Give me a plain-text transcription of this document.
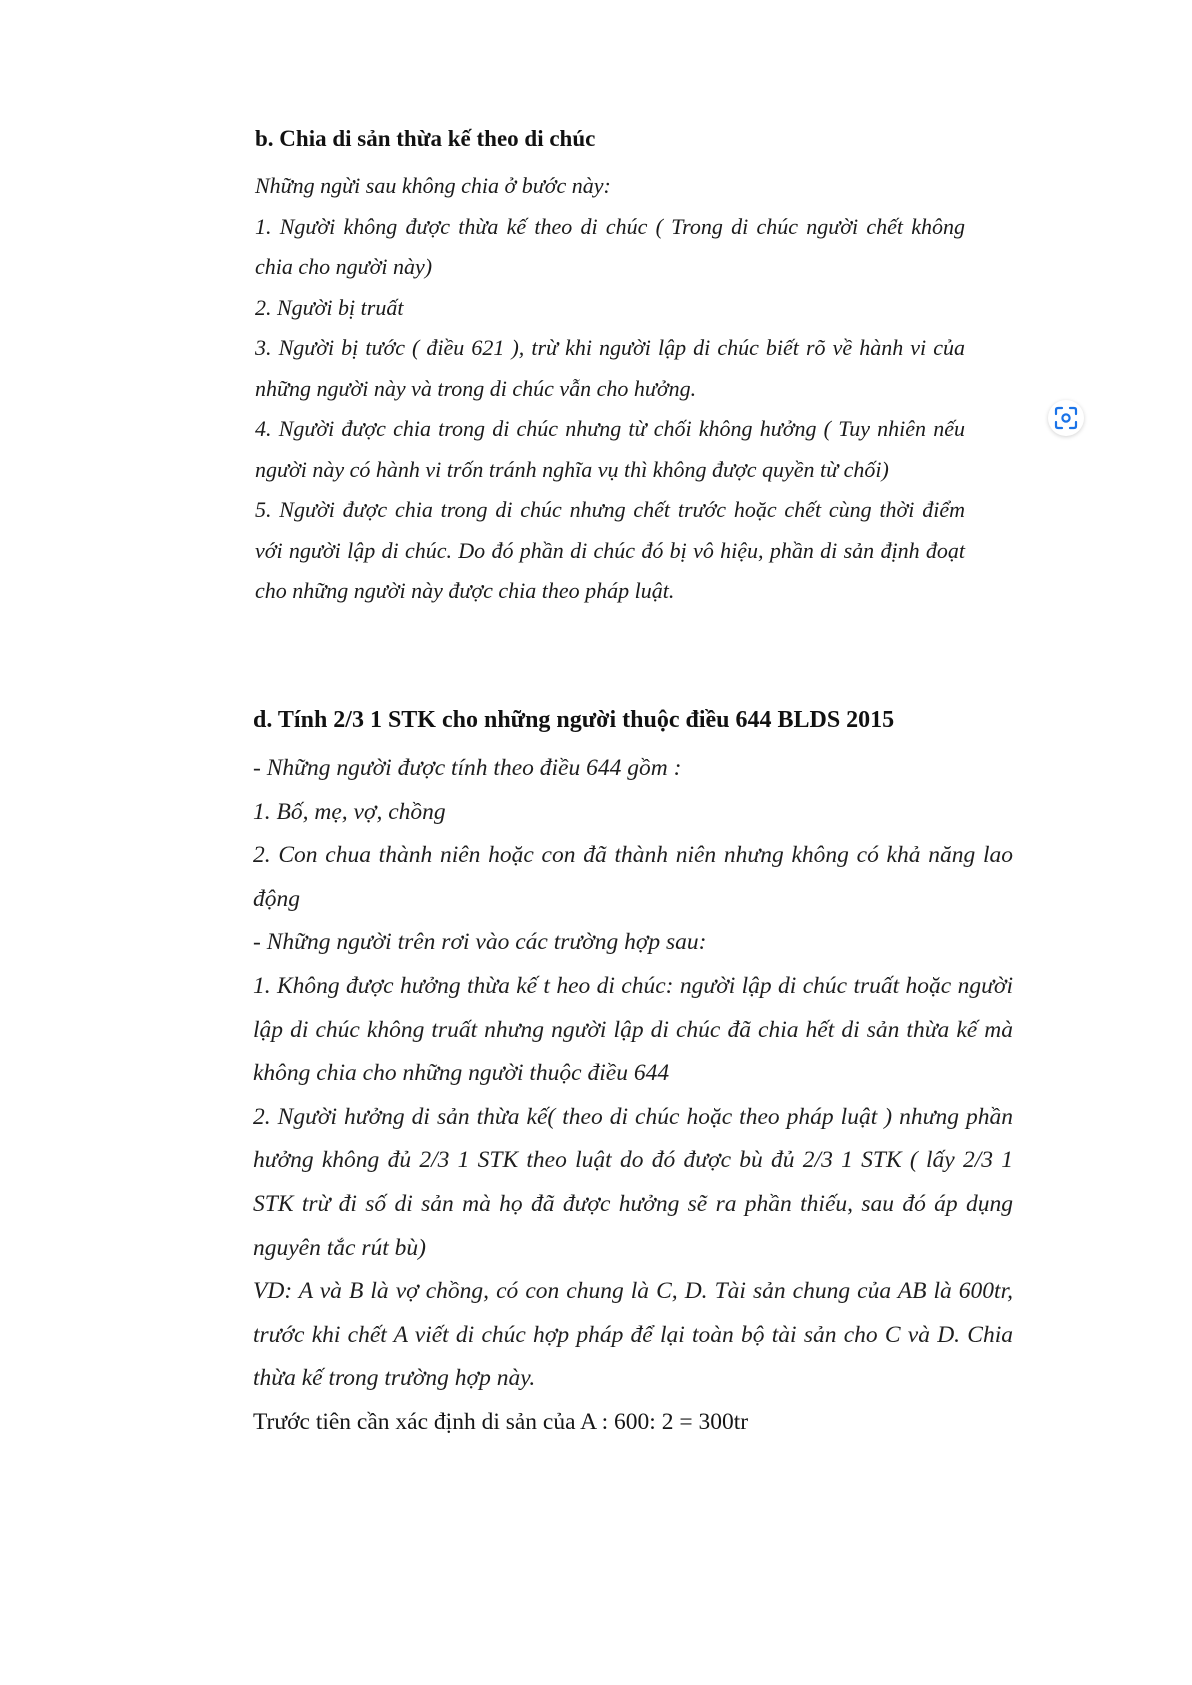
b. Chia di sản thừa kế theo di chúc

Những ngừi sau không chia ở bước này:

1. Người không được thừa kế theo di chúc ( Trong di chúc người chết không chia cho người này)

2. Người bị truất

3. Người bị tước ( điều 621 ), trừ khi người lập di chúc biết rõ về hành vi của những người này và trong di chúc vẫn cho hưởng.

4. Người được chia trong di chúc nhưng từ chối không hưởng ( Tuy nhiên nếu người này có hành vi trốn tránh nghĩa vụ thì không được quyền từ chối)

5. Người được chia trong di chúc nhưng chết trước hoặc chết cùng thời điểm với người lập di chúc. Do đó phần di chúc đó bị vô hiệu, phần di sản định đoạt cho những người này được chia theo pháp luật.

d. Tính 2/3 1 STK cho những người thuộc điều 644 BLDS 2015

- Những người được tính theo điều 644 gồm :

1. Bố, mẹ, vợ, chồng

2. Con chua thành niên hoặc con đã thành niên nhưng không có khả năng lao động

- Những người trên rơi vào các trường hợp sau:

1. Không được hưởng thừa kế t heo di chúc: người lập di chúc truất hoặc người lập di chúc không truất nhưng người lập di chúc đã chia hết di sản thừa kế mà không chia cho những người thuộc điều 644

2. Người hưởng di sản thừa kế( theo di chúc hoặc theo pháp luật ) nhưng phần hưởng không đủ 2/3 1 STK theo luật do đó được bù đủ 2/3 1 STK ( lấy 2/3 1 STK trừ đi số di sản mà họ đã được hưởng sẽ ra phần thiếu, sau đó áp dụng nguyên tắc rút bù)

VD: A và B là vợ chồng, có con chung là C, D. Tài sản chung của AB là 600tr, trước khi chết A viết di chúc hợp pháp để lại toàn bộ tài sản cho C và D. Chia thừa kế trong trường hợp này.

Trước tiên cần xác định di sản của A : 600: 2 = 300tr
